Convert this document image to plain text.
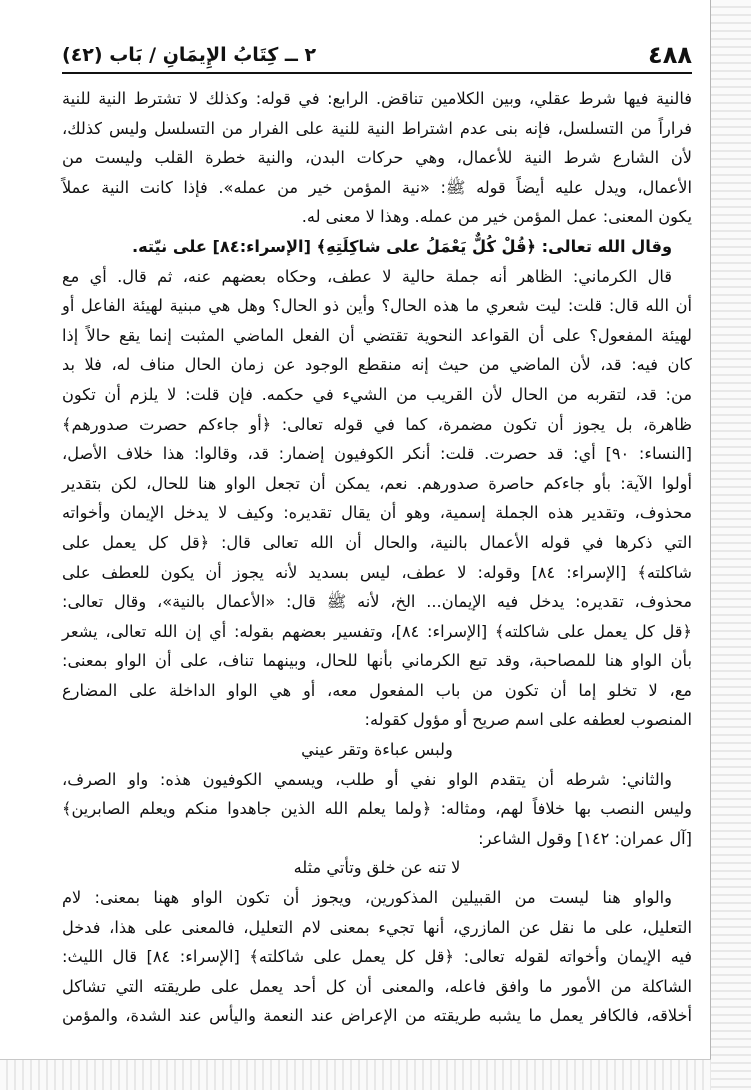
٤٨٨
٢ ــ كِتَابُ الإِيمَانِ / بَاب (٤٢)
فالنية فيها شرط عقلي، وبين الكلامين تناقض. الرابع: في قوله: وكذلك لا تشترط النية للنية
فراراً من التسلسل، فإنه بنى عدم اشتراط النية للنية على الفرار من التسلسل وليس كذلك،
لأن الشارع شرط النية للأعمال، وهي حركات البدن، والنية خطرة القلب وليست من
الأعمال، ويدل عليه أيضاً قوله ﷺ: «نية المؤمن خير من عمله». فإذا كانت النية عملاً
يكون المعنى: عمل المؤمن خير من عمله. وهذا لا معنى له.
وقال الله تعالى: ﴿قُلْ كُلٌّ يَعْمَلُ على شاكِلَتِهِ﴾ [الإسراء:٨٤] على نيّته.
قال الكرماني: الظاهر أنه جملة حالية لا عطف، وحكاه بعضهم عنه، ثم قال. أي مع
أن الله قال: قلت: ليت شعري ما هذه الحال؟ وأين ذو الحال؟ وهل هي مبنية لهيئة الفاعل أو
لهيئة المفعول؟ على أن القواعد النحوية تقتضي أن الفعل الماضي المثبت إنما يقع حالاً إذا
كان فيه: قد، لأن الماضي من حيث إنه منقطع الوجود عن زمان الحال مناف له، فلا بد
من: قد، لتقربه من الحال لأن القريب من الشيء في حكمه. فإن قلت: لا يلزم أن تكون
ظاهرة، بل يجوز أن تكون مضمرة، كما في قوله تعالى: ﴿أو جاءكم حصرت صدورهم﴾
[النساء: ٩٠] أي: قد حصرت. قلت: أنكر الكوفيون إضمار: قد، وقالوا: هذا خلاف الأصل،
أولوا الآية: بأو جاءكم حاصرة صدورهم. نعم، يمكن أن تجعل الواو هنا للحال، لكن بتقدير
محذوف، وتقدير هذه الجملة إسمية، وهو أن يقال تقديره: وكيف لا يدخل الإيمان وأخواته
التي ذكرها في قوله الأعمال بالنية، والحال أن الله تعالى قال: ﴿قل كل يعمل على
شاكلته﴾ [الإسراء: ٨٤] وقوله: لا عطف، ليس بسديد لأنه يجوز أن يكون للعطف على
محذوف، تقديره: يدخل فيه الإيمان... الخ، لأنه ﷺ قال: «الأعمال بالنية»، وقال تعالى:
﴿قل كل يعمل على شاكلته﴾ [الإسراء: ٨٤]، وتفسير بعضهم بقوله: أي إن الله تعالى، يشعر
بأن الواو هنا للمصاحبة، وقد تبع الكرماني بأنها للحال، وبينهما تناف، على أن الواو بمعنى:
مع، لا تخلو إما أن تكون من باب المفعول معه، أو هي الواو الداخلة على المضارع
المنصوب لعطفه على اسم صريح أو مؤول كقوله:
ولبس عباءة وتقر عيني
والثاني: شرطه أن يتقدم الواو نفي أو طلب، ويسمي الكوفيون هذه: واو الصرف،
وليس النصب بها خلافاً لهم، ومثاله: ﴿ولما يعلم الله الذين جاهدوا منكم ويعلم الصابرين﴾
[آل عمران: ١٤٢] وقول الشاعر:
لا تنه عن خلق وتأتي مثله
والواو هنا ليست من القبيلين المذكورين، ويجوز أن تكون الواو ههنا بمعنى: لام
التعليل، على ما نقل عن المازري، أنها تجيء بمعنى لام التعليل، فالمعنى على هذا، فدخل
فيه الإيمان وأخواته لقوله تعالى: ﴿قل كل يعمل على شاكلته﴾ [الإسراء: ٨٤] قال الليث:
الشاكلة من الأمور ما وافق فاعله، والمعنى أن كل أحد يعمل على طريقته التي تشاكل
أخلاقه، فالكافر يعمل ما يشبه طريقته من الإعراض عند النعمة واليأس عند الشدة، والمؤمن
